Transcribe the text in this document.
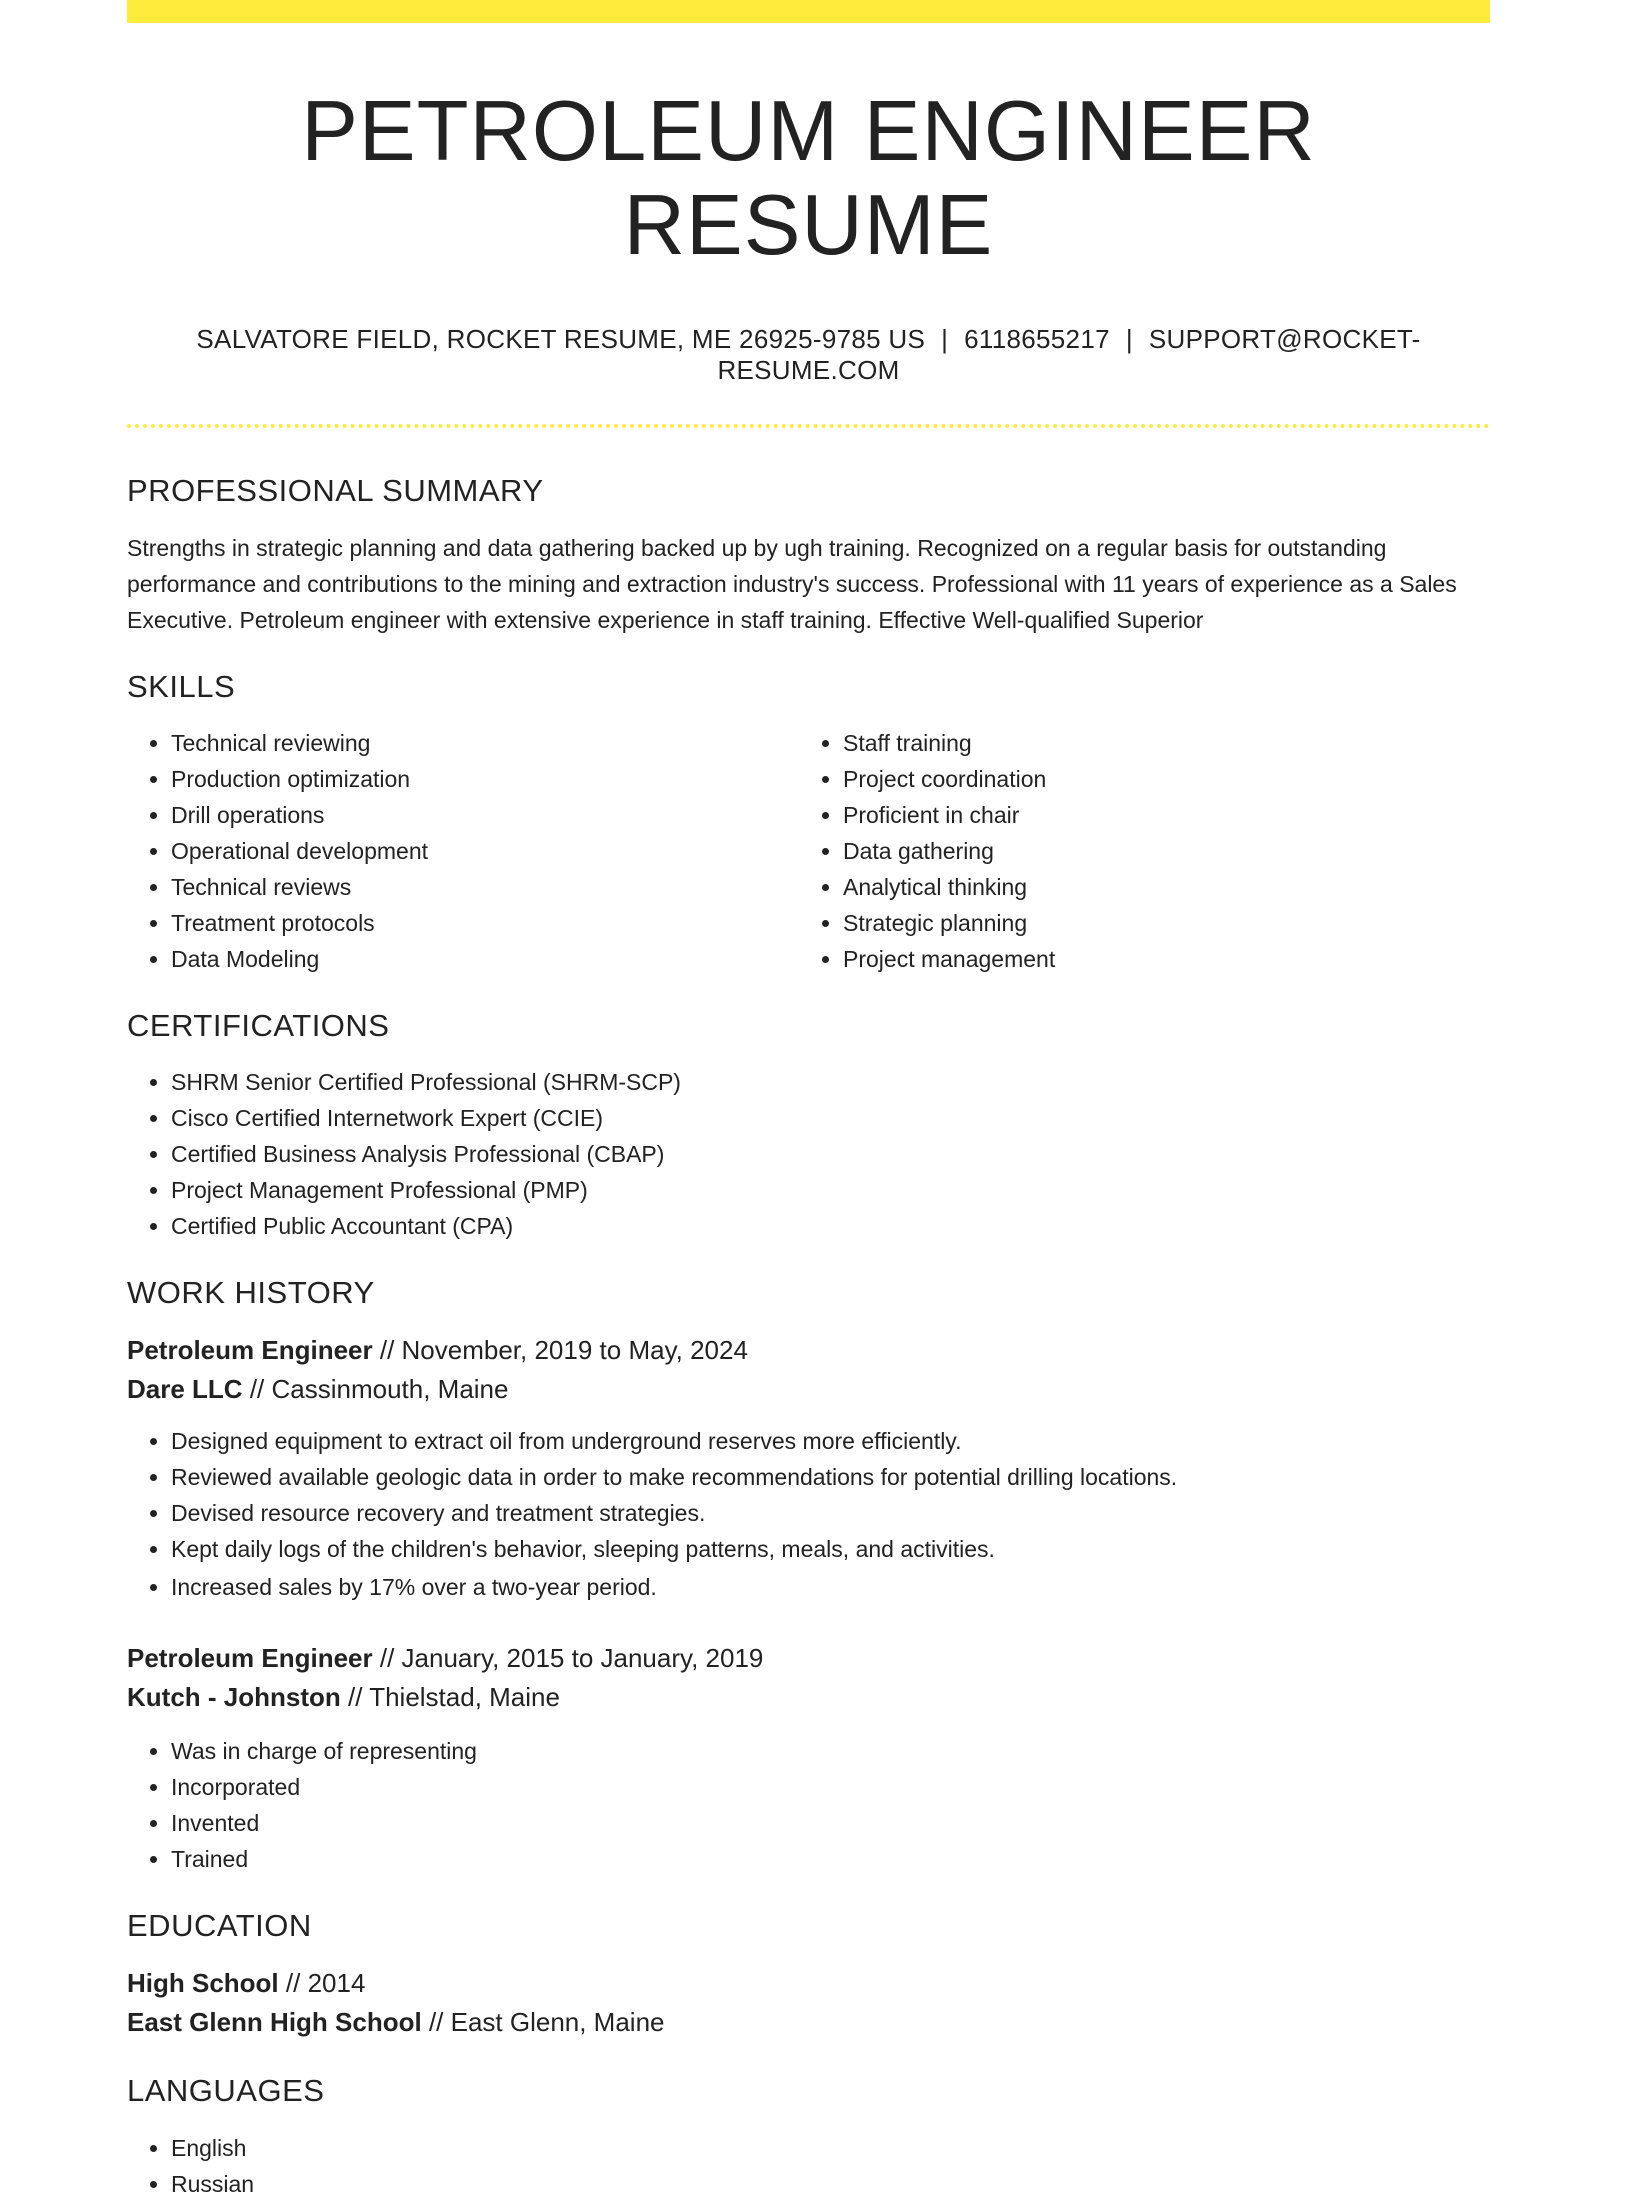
PETROLEUM ENGINEER RESUME
SALVATORE FIELD, ROCKET RESUME, ME 26925-9785 US | 6118655217 | SUPPORT@ROCKET-RESUME.COM
PROFESSIONAL SUMMARY

Strengths in strategic planning and data gathering backed up by ugh training. Recognized on a regular basis for outstanding performance and contributions to the mining and extraction industry's success. Professional with 11 years of experience as a Sales Executive. Petroleum engineer with extensive experience in staff training. Effective Well-qualified Superior

SKILLS
• Technical reviewing
• Production optimization
• Drill operations
• Operational development
• Technical reviews
• Treatment protocols
• Data Modeling
• Staff training
• Project coordination
• Proficient in chair
• Data gathering
• Analytical thinking
• Strategic planning
• Project management
CERTIFICATIONS
• SHRM Senior Certified Professional (SHRM-SCP)
• Cisco Certified Internetwork Expert (CCIE)
• Certified Business Analysis Professional (CBAP)
• Project Management Professional (PMP)
• Certified Public Accountant (CPA)
WORK HISTORY
Petroleum Engineer // November, 2019 to May, 2024
Dare LLC // Cassinmouth, Maine
• Designed equipment to extract oil from underground reserves more efficiently.
• Reviewed available geologic data in order to make recommendations for potential drilling locations.
• Devised resource recovery and treatment strategies.
• Kept daily logs of the children's behavior, sleeping patterns, meals, and activities.
• Increased sales by 17% over a two-year period.
Petroleum Engineer // January, 2015 to January, 2019
Kutch - Johnston // Thielstad, Maine
• Was in charge of representing
• Incorporated
• Invented
• Trained
EDUCATION
High School // 2014
East Glenn High School // East Glenn, Maine
LANGUAGES
• English
• Russian
